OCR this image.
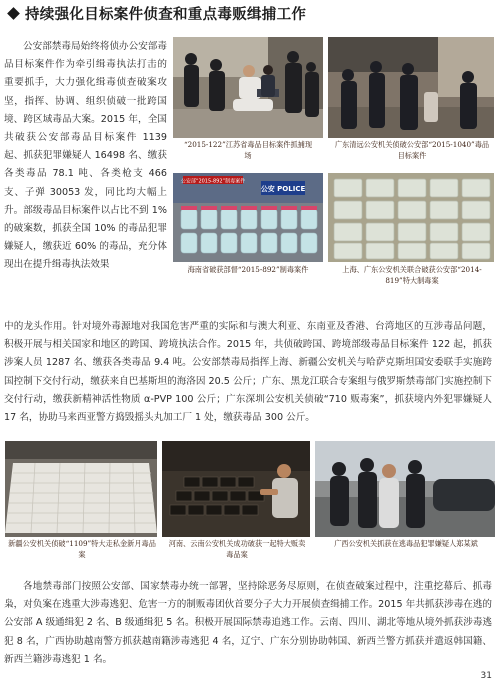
持续强化目标案件侦查和重点毒贩缉捕工作

公安部禁毒局始终将侦办公安部毒品目标案件作为牵引缉毒执法打击的重要抓手，大力强化缉毒侦查破案攻坚，指挥、协调、组织侦破一批跨国境、跨区域毒品大案。2015 年，全国共破获公安部毒品目标案件 1139 起、抓获犯罪嫌疑人 16498 名、缴获各类毒品 78.1 吨、各类枪支 466 支、子弹 30053 发，同比均大幅上升。部级毒品目标案件以占比不到 1% 的破案数，抓获全国 10% 的毒品犯罪嫌疑人，缴获近 60% 的毒品，充分体现出在提升缉毒执法效果

“2015-122”江苏省毒品目标案件抓捕现场

广东清远公安机关侦破公安部“2015-1040”毒品目标案件

公安部“2015-892”制毒案件
公安 POLICE

海南省破获部督“2015-892”制毒案件	上海、广东公安机关联合破获公安部“2014-819”特大制毒案

中的龙头作用。针对境外毒源地对我国危害严重的实际和与澳大利亚、东南亚及香港、台湾地区的互涉毒品问题，积极开展与相关国家和地区的跨国、跨境执法合作。2015 年，共侦破跨国、跨境部级毒品目标案件 122 起，抓获涉案人员 1287 名、缴获各类毒品 9.4 吨。公安部禁毒局指挥上海、新疆公安机关与哈萨克斯坦国安委联手实施跨国控制下交付行动，缴获来自巴基斯坦的海洛因 20.5 公斤；广东、黑龙江联合专案组与俄罗斯禁毒部门实施控制下交付行动，缴获新精神活性物质 α-PVP 100 公斤；广东深圳公安机关侦破“710 贩毒案”，抓获境内外犯罪嫌疑人 17 名，协助马来西亚警方捣毁摇头丸加工厂 1 处，缴获毒品 300 公斤。

新疆公安机关侦破“1109”特大走私金新月毒品案

河南、云南公安机关成功破获一起特大贩卖毒品案

广西公安机关抓获在逃毒品犯罪嫌疑人郑某斌

各地禁毒部门按照公安部、国家禁毒办统一部署，坚持除恶务尽原则，在侦查破案过程中，注重挖幕后、抓毒枭，对负案在逃重大涉毒逃犯、危害一方的制贩毒团伙首要分子大力开展侦查缉捕工作。2015 年共抓获涉毒在逃的公安部 A 级通缉犯 2 名、B 级通缉犯 5 名。积极开展国际禁毒追逃工作。云南、四川、湖北等地从境外抓获涉毒逃犯 8 名，广西协助越南警方抓获越南籍涉毒逃犯 4 名，辽宁、广东分别协助韩国、新西兰警方抓获并遣返韩国籍、新西兰籍涉毒逃犯 1 名。

31
